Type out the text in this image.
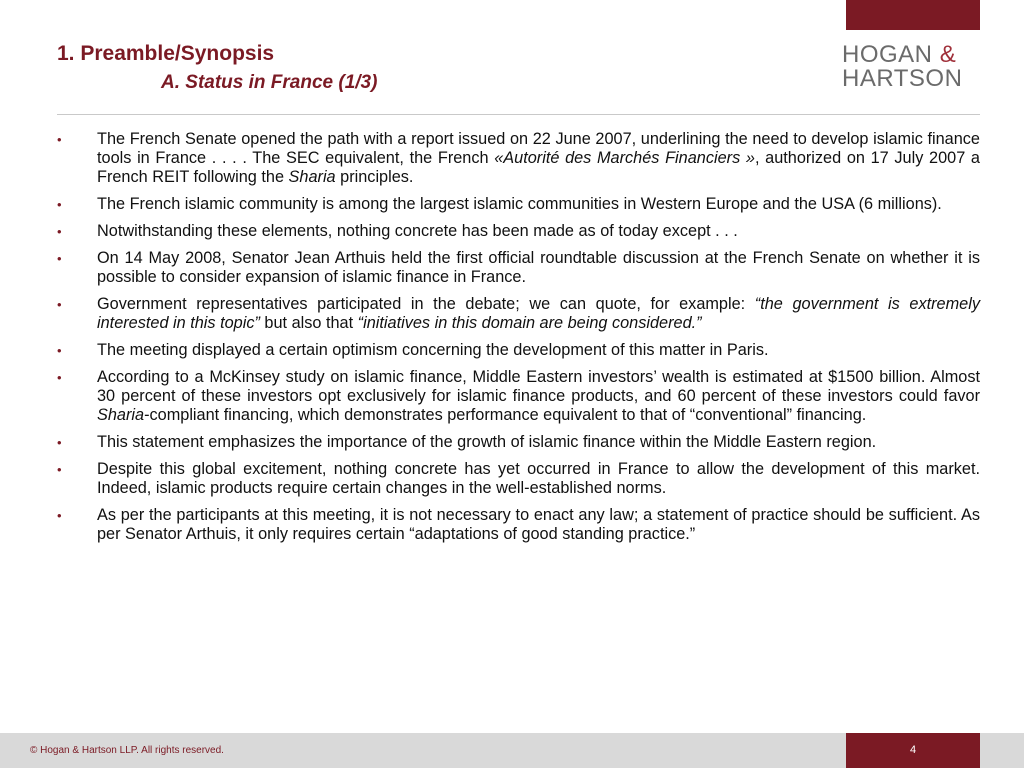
1. Preamble/Synopsis
A. Status in France (1/3)
HOGAN &
HARTSON
• The French Senate opened the path with a report issued on 22 June 2007, underlining the need to develop islamic finance tools in France . . . . The SEC equivalent, the French «Autorité des Marchés Financiers », authorized on 17 July 2007 a French REIT following the Sharia principles.
• The French islamic community is among the largest islamic communities in Western Europe and the USA (6 millions).
• Notwithstanding these elements, nothing concrete has been made as of today except . . .
• On 14 May 2008, Senator Jean Arthuis held the first official roundtable discussion at the French Senate on whether it is possible to consider expansion of islamic finance in France.
• Government representatives participated in the debate; we can quote, for example: “the government is extremely interested in this topic” but also that “initiatives in this domain are being considered.”
• The meeting displayed a certain optimism concerning the development of this matter in Paris.
• According to a McKinsey study on islamic finance, Middle Eastern investors’ wealth is estimated at $1500 billion. Almost 30 percent of these investors opt exclusively for islamic finance products, and 60 percent of these investors could favor Sharia-compliant financing, which demonstrates performance equivalent to that of “conventional” financing.
• This statement emphasizes the importance of the growth of islamic finance within the Middle Eastern region.
• Despite this global excitement, nothing concrete has yet occurred in France to allow the development of this market. Indeed, islamic products require certain changes in the well-established norms.
• As per the participants at this meeting, it is not necessary to enact any law; a statement of practice should be sufficient. As per Senator Arthuis, it only requires certain “adaptations of good standing practice.”
© Hogan & Hartson LLP. All rights reserved.	4
